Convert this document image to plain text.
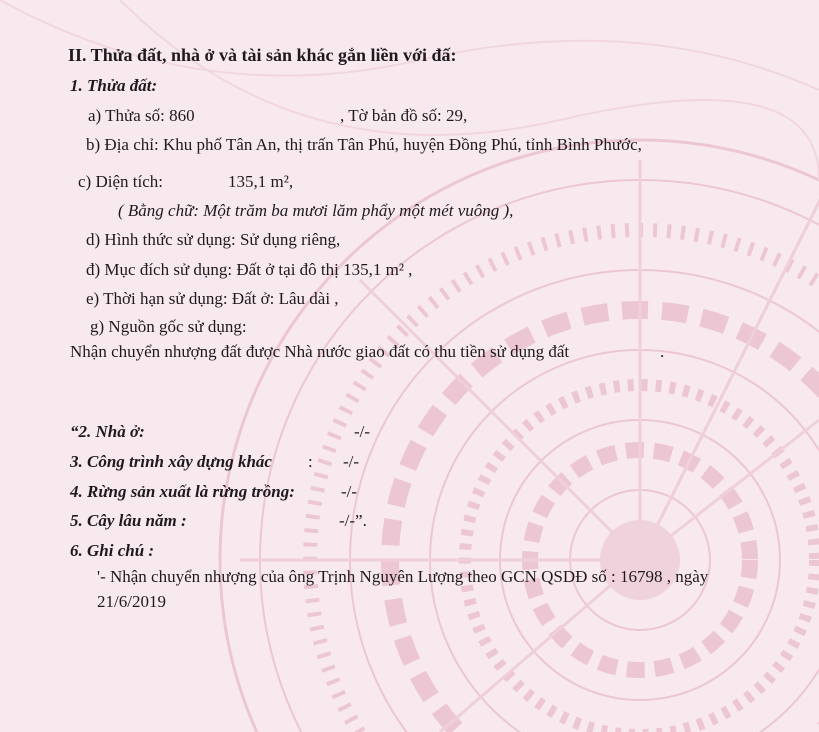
II. Thửa đất, nhà ở và tài sản khác gắn liền với đấ:
1. Thửa đất:
a) Thửa số: 860	, Tờ bản đồ số: 29,
b) Địa chỉ: Khu phố Tân An, thị trấn Tân Phú, huyện Đồng Phú, tỉnh Bình Phước,
c) Diện tích:	135,1 m²,
( Bằng chữ: Một trăm ba mươi lăm phẩy một mét vuông ),
d) Hình thức sử dụng: Sử dụng riêng,
đ) Mục đích sử dụng: Đất ở tại đô thị 135,1 m² ,
e) Thời hạn sử dụng: Đất ở: Lâu dài ,
g) Nguồn gốc sử dụng:
Nhận chuyển nhượng đất được Nhà nước giao đất có thu tiền sử dụng đất	.
“2. Nhà ở:	-/-
3. Công trình xây dựng khác : -/-
4. Rừng sản xuất là rừng trồng:	-/-
5. Cây lâu năm :	-/-”.
6. Ghi chú :
'- Nhận chuyển nhượng của ông Trịnh Nguyên Lượng theo GCN QSDĐ số : 16798 , ngày
21/6/2019
